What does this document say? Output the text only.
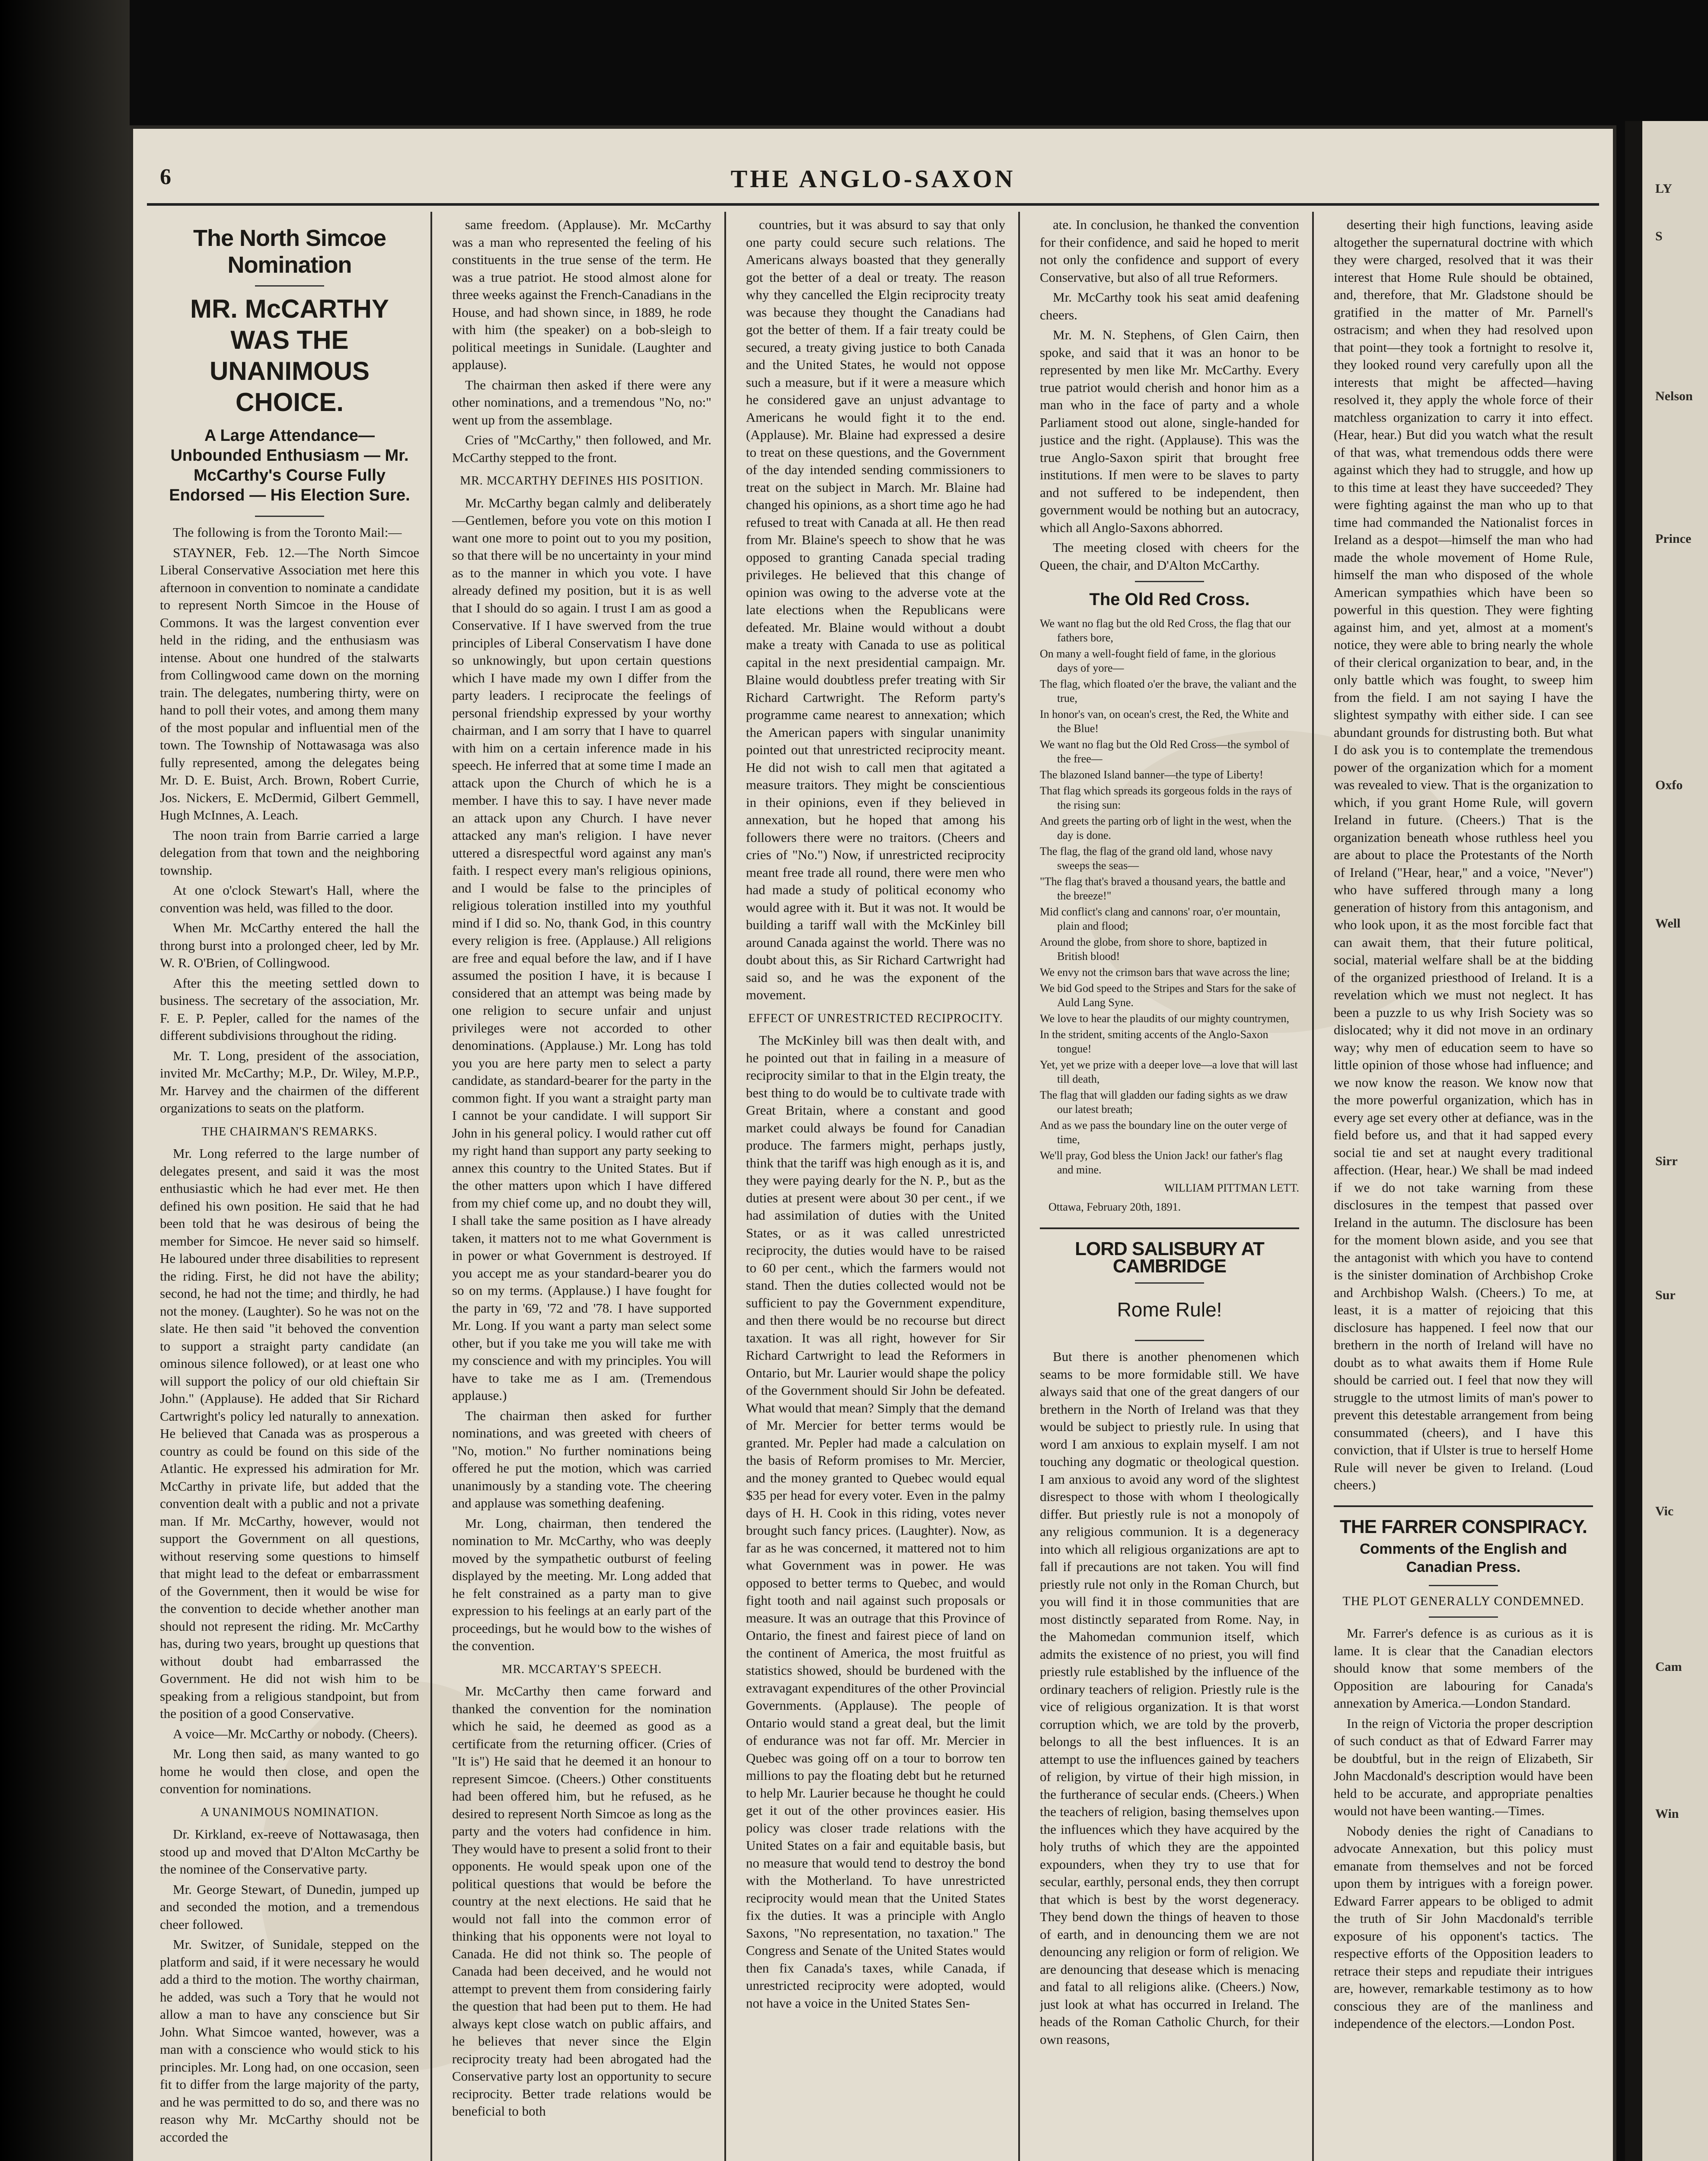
LY
S
Nelson
Prince
Oxfo
Well
Sirr
Sur
Vic
Cam
Win
6	THE ANGLO-SAXON
The North Simcoe Nomination
MR. McCARTHY WAS THE UNANIMOUS CHOICE.
A Large Attendance—Unbounded Enthusiasm — Mr. McCarthy's Course Fully Endorsed — His Election Sure.

The following is from the Toronto Mail:—

STAYNER, Feb. 12.—The North Simcoe Liberal Conservative Association met here this afternoon in convention to nominate a candidate to represent North Simcoe in the House of Commons. It was the largest convention ever held in the riding, and the enthusiasm was intense. About one hundred of the stalwarts from Collingwood came down on the morning train. The delegates, numbering thirty, were on hand to poll their votes, and among them many of the most popular and influential men of the town. The Township of Nottawasaga was also fully represented, among the delegates being Mr. D. E. Buist, Arch. Brown, Robert Currie, Jos. Nickers, E. McDermid, Gilbert Gemmell, Hugh McInnes, A. Leach.

The noon train from Barrie carried a large delegation from that town and the neighboring township.

At one o'clock Stewart's Hall, where the convention was held, was filled to the door.

When Mr. McCarthy entered the hall the throng burst into a prolonged cheer, led by Mr. W. R. O'Brien, of Collingwood.

After this the meeting settled down to business. The secretary of the association, Mr. F. E. P. Pepler, called for the names of the different subdivisions throughout the riding.

Mr. T. Long, president of the association, invited Mr. McCarthy; M.P., Dr. Wiley, M.P.P., Mr. Harvey and the chairmen of the different organizations to seats on the platform.

THE CHAIRMAN'S REMARKS.

Mr. Long referred to the large number of delegates present, and said it was the most enthusiastic which he had ever met. He then defined his own position. He said that he had been told that he was desirous of being the member for Simcoe. He never said so himself. He laboured under three disabilities to represent the riding. First, he did not have the ability; second, he had not the time; and thirdly, he had not the money. (Laughter). So he was not on the slate. He then said "it behoved the convention to support a straight party candidate (an ominous silence followed), or at least one who will support the policy of our old chieftain Sir John." (Applause). He added that Sir Richard Cartwright's policy led naturally to annexation. He believed that Canada was as prosperous a country as could be found on this side of the Atlantic. He expressed his admiration for Mr. McCarthy in private life, but added that the convention dealt with a public and not a private man. If Mr. McCarthy, however, would not support the Government on all questions, without reserving some questions to himself that might lead to the defeat or embarrassment of the Government, then it would be wise for the convention to decide whether another man should not represent the riding. Mr. McCarthy has, during two years, brought up questions that without doubt had embarrassed the Government. He did not wish him to be speaking from a religious standpoint, but from the position of a good Conservative.

A voice—Mr. McCarthy or nobody. (Cheers).

Mr. Long then said, as many wanted to go home he would then close, and open the convention for nominations.

A UNANIMOUS NOMINATION.

Dr. Kirkland, ex-reeve of Nottawasaga, then stood up and moved that D'Alton McCarthy be the nominee of the Conservative party.

Mr. George Stewart, of Dunedin, jumped up and seconded the motion, and a tremendous cheer followed.

Mr. Switzer, of Sunidale, stepped on the platform and said, if it were necessary he would add a third to the motion. The worthy chairman, he added, was such a Tory that he would not allow a man to have any conscience but Sir John. What Simcoe wanted, however, was a man with a conscience who would stick to his principles. Mr. Long had, on one occasion, seen fit to differ from the large majority of the party, and he was permitted to do so, and there was no reason why Mr. McCarthy should not be accorded the

same freedom. (Applause). Mr. McCarthy was a man who represented the feeling of his constituents in the true sense of the term. He was a true patriot. He stood almost alone for three weeks against the French-Canadians in the House, and had shown since, in 1889, he rode with him (the speaker) on a bob-sleigh to political meetings in Sunidale. (Laughter and applause).

The chairman then asked if there were any other nominations, and a tremendous "No, no:" went up from the assemblage.

Cries of "McCarthy," then followed, and Mr. McCarthy stepped to the front.

MR. MCCARTHY DEFINES HIS POSITION.

Mr. McCarthy began calmly and deliberately—Gentlemen, before you vote on this motion I want one more to point out to you my position, so that there will be no uncertainty in your mind as to the manner in which you vote. I have already defined my position, but it is as well that I should do so again. I trust I am as good a Conservative. If I have swerved from the true principles of Liberal Conservatism I have done so unknowingly, but upon certain questions which I have made my own I differ from the party leaders. I reciprocate the feelings of personal friendship expressed by your worthy chairman, and I am sorry that I have to quarrel with him on a certain inference made in his speech. He inferred that at some time I made an attack upon the Church of which he is a member. I have this to say. I have never made an attack upon any Church. I have never attacked any man's religion. I have never uttered a disrespectful word against any man's faith. I respect every man's religious opinions, and I would be false to the principles of religious toleration instilled into my youthful mind if I did so. No, thank God, in this country every religion is free. (Applause.) All religions are free and equal before the law, and if I have assumed the position I have, it is because I considered that an attempt was being made by one religion to secure unfair and unjust privileges were not accorded to other denominations. (Applause.) Mr. Long has told you you are here party men to select a party candidate, as standard-bearer for the party in the common fight. If you want a straight party man I cannot be your candidate. I will support Sir John in his general policy. I would rather cut off my right hand than support any party seeking to annex this country to the United States. But if the other matters upon which I have differed from my chief come up, and no doubt they will, I shall take the same position as I have already taken, it matters not to me what Government is in power or what Government is destroyed. If you accept me as your standard-bearer you do so on my terms. (Applause.) I have fought for the party in '69, '72 and '78. I have supported Mr. Long. If you want a party man select some other, but if you take me you will take me with my conscience and with my principles. You will have to take me as I am. (Tremendous applause.)

The chairman then asked for further nominations, and was greeted with cheers of "No, motion." No further nominations being offered he put the motion, which was carried unanimously by a standing vote. The cheering and applause was something deafening.

Mr. Long, chairman, then tendered the nomination to Mr. McCarthy, who was deeply moved by the sympathetic outburst of feeling displayed by the meeting. Mr. Long added that he felt constrained as a party man to give expression to his feelings at an early part of the proceedings, but he would bow to the wishes of the convention.

MR. MCCARTAY'S SPEECH.

Mr. McCarthy then came forward and thanked the convention for the nomination which he said, he deemed as good as a certificate from the returning officer. (Cries of "It is") He said that he deemed it an honour to represent Simcoe. (Cheers.) Other constituents had been offered him, but he refused, as he desired to represent North Simcoe as long as the party and the voters had confidence in him. They would have to present a solid front to their opponents. He would speak upon one of the political questions that would be before the country at the next elections. He said that he would not fall into the common error of thinking that his opponents were not loyal to Canada. He did not think so. The people of Canada had been deceived, and he would not attempt to prevent them from considering fairly the question that had been put to them. He had always kept close watch on public affairs, and he believes that never since the Elgin reciprocity treaty had been abrogated had the Conservative party lost an opportunity to secure reciprocity. Better trade relations would be beneficial to both

countries, but it was absurd to say that only one party could secure such relations. The Americans always boasted that they generally got the better of a deal or treaty. The reason why they cancelled the Elgin reciprocity treaty was because they thought the Canadians had got the better of them. If a fair treaty could be secured, a treaty giving justice to both Canada and the United States, he would not oppose such a measure, but if it were a measure which he considered gave an unjust advantage to Americans he would fight it to the end. (Applause). Mr. Blaine had expressed a desire to treat on these questions, and the Government of the day intended sending commissioners to treat on the subject in March. Mr. Blaine had changed his opinions, as a short time ago he had refused to treat with Canada at all. He then read from Mr. Blaine's speech to show that he was opposed to granting Canada special trading privileges. He believed that this change of opinion was owing to the adverse vote at the late elections when the Republicans were defeated. Mr. Blaine would without a doubt make a treaty with Canada to use as political capital in the next presidential campaign. Mr. Blaine would doubtless prefer treating with Sir Richard Cartwright. The Reform party's programme came nearest to annexation; which the American papers with singular unanimity pointed out that unrestricted reciprocity meant. He did not wish to call men that agitated a measure traitors. They might be conscientious in their opinions, even if they believed in annexation, but he hoped that among his followers there were no traitors. (Cheers and cries of "No.") Now, if unrestricted reciprocity meant free trade all round, there were men who had made a study of political economy who would agree with it. But it was not. It would be building a tariff wall with the McKinley bill around Canada against the world. There was no doubt about this, as Sir Richard Cartwright had said so, and he was the exponent of the movement.

EFFECT OF UNRESTRICTED RECIPROCITY.

The McKinley bill was then dealt with, and he pointed out that in failing in a measure of reciprocity similar to that in the Elgin treaty, the best thing to do would be to cultivate trade with Great Britain, where a constant and good market could always be found for Canadian produce. The farmers might, perhaps justly, think that the tariff was high enough as it is, and they were paying dearly for the N. P., but as the duties at present were about 30 per cent., if we had assimilation of duties with the United States, or as it was called unrestricted reciprocity, the duties would have to be raised to 60 per cent., which the farmers would not stand. Then the duties collected would not be sufficient to pay the Government expenditure, and then there would be no recourse but direct taxation. It was all right, however for Sir Richard Cartwright to lead the Reformers in Ontario, but Mr. Laurier would shape the policy of the Government should Sir John be defeated. What would that mean? Simply that the demand of Mr. Mercier for better terms would be granted. Mr. Pepler had made a calculation on the basis of Reform promises to Mr. Mercier, and the money granted to Quebec would equal $35 per head for every voter. Even in the palmy days of H. H. Cook in this riding, votes never brought such fancy prices. (Laughter). Now, as far as he was concerned, it mattered not to him what Government was in power. He was opposed to better terms to Quebec, and would fight tooth and nail against such proposals or measure. It was an outrage that this Province of Ontario, the finest and fairest piece of land on the continent of America, the most fruitful as statistics showed, should be burdened with the extravagant expenditures of the other Provincial Governments. (Applause). The people of Ontario would stand a great deal, but the limit of endurance was not far off. Mr. Mercier in Quebec was going off on a tour to borrow ten millions to pay the floating debt but he returned to help Mr. Laurier because he thought he could get it out of the other provinces easier. His policy was closer trade relations with the United States on a fair and equitable basis, but no measure that would tend to destroy the bond with the Motherland. To have unrestricted reciprocity would mean that the United States fix the duties. It was a principle with Anglo Saxons, "No representation, no taxation." The Congress and Senate of the United States would then fix Canada's taxes, while Canada, if unrestricted reciprocity were adopted, would not have a voice in the United States Sen-

ate. In conclusion, he thanked the convention for their confidence, and said he hoped to merit not only the confidence and support of every Conservative, but also of all true Reformers.

Mr. McCarthy took his seat amid deafening cheers.

Mr. M. N. Stephens, of Glen Cairn, then spoke, and said that it was an honor to be represented by men like Mr. McCarthy. Every true patriot would cherish and honor him as a man who in the face of party and a whole Parliament stood out alone, single-handed for justice and the right. (Applause). This was the true Anglo-Saxon spirit that brought free institutions. If men were to be slaves to party and not suffered to be independent, then government would be nothing but an autocracy, which all Anglo-Saxons abhorred.

The meeting closed with cheers for the Queen, the chair, and D'Alton McCarthy.

The Old Red Cross.
We want no flag but the old Red Cross, the flag that our fathers bore,
On many a well-fought field of fame, in the glorious days of yore—
The flag, which floated o'er the brave, the valiant and the true,
In honor's van, on ocean's crest, the Red, the White and the Blue!
We want no flag but the Old Red Cross—the symbol of the free—
The blazoned Island banner—the type of Liberty!
That flag which spreads its gorgeous folds in the rays of the rising sun:
And greets the parting orb of light in the west, when the day is done.
The flag, the flag of the grand old land, whose navy sweeps the seas—
"The flag that's braved a thousand years, the battle and the breeze!"
Mid conflict's clang and cannons' roar, o'er mountain, plain and flood;
Around the globe, from shore to shore, baptized in British blood!
We envy not the crimson bars that wave across the line;
We bid God speed to the Stripes and Stars for the sake of Auld Lang Syne.
We love to hear the plaudits of our mighty countrymen,
In the strident, smiting accents of the Anglo-Saxon tongue!
Yet, yet we prize with a deeper love—a love that will last till death,
The flag that will gladden our fading sights as we draw our latest breath;
And as we pass the boundary line on the outer verge of time,
We'll pray, God bless the Union Jack! our father's flag and mine.
WILLIAM PITTMAN LETT.
Ottawa, February 20th, 1891.
LORD SALISBURY AT CAMBRIDGE
Rome Rule!

But there is another phenomenen which seams to be more formidable still. We have always said that one of the great dangers of our brethern in the North of Ireland was that they would be subject to priestly rule. In using that word I am anxious to explain myself. I am not touching any dogmatic or theological question. I am anxious to avoid any word of the slightest disrespect to those with whom I theologically differ. But priestly rule is not a monopoly of any religious communion. It is a degeneracy into which all religious organizations are apt to fall if precautions are not taken. You will find priestly rule not only in the Roman Church, but you will find it in those communities that are most distinctly separated from Rome. Nay, in the Mahomedan communion itself, which admits the existence of no priest, you will find priestly rule established by the influence of the ordinary teachers of religion. Priestly rule is the vice of religious organization. It is that worst corruption which, we are told by the proverb, belongs to all the best influences. It is an attempt to use the influences gained by teachers of religion, by virtue of their high mission, in the furtherance of secular ends. (Cheers.) When the teachers of religion, basing themselves upon the influences which they have acquired by the holy truths of which they are the appointed expounders, when they try to use that for secular, earthly, personal ends, they then corrupt that which is best by the worst degeneracy. They bend down the things of heaven to those of earth, and in denouncing them we are not denouncing any religion or form of religion. We are denouncing that desease which is menacing and fatal to all religions alike. (Cheers.) Now, just look at what has occurred in Ireland. The heads of the Roman Catholic Church, for their own reasons,

deserting their high functions, leaving aside altogether the supernatural doctrine with which they were charged, resolved that it was their interest that Home Rule should be obtained, and, therefore, that Mr. Gladstone should be gratified in the matter of Mr. Parnell's ostracism; and when they had resolved upon that point—they took a fortnight to resolve it, they looked round very carefully upon all the interests that might be affected—having resolved it, they apply the whole force of their matchless organization to carry it into effect. (Hear, hear.) But did you watch what the result of that was, what tremendous odds there were against which they had to struggle, and how up to this time at least they have succeeded? They were fighting against the man who up to that time had commanded the Nationalist forces in Ireland as a despot—himself the man who had made the whole movement of Home Rule, himself the man who disposed of the whole American sympathies which have been so powerful in this question. They were fighting against him, and yet, almost at a moment's notice, they were able to bring nearly the whole of their clerical organization to bear, and, in the only battle which was fought, to sweep him from the field. I am not saying I have the slightest sympathy with either side. I can see abundant grounds for distrusting both. But what I do ask you is to contemplate the tremendous power of the organization which for a moment was revealed to view. That is the organization to which, if you grant Home Rule, will govern Ireland in future. (Cheers.) That is the organization beneath whose ruthless heel you are about to place the Protestants of the North of Ireland ("Hear, hear," and a voice, "Never") who have suffered through many a long generation of history from this antagonism, and who look upon, it as the most forcible fact that can await them, that their future political, social, material welfare shall be at the bidding of the organized priesthood of Ireland. It is a revelation which we must not neglect. It has been a puzzle to us why Irish Society was so dislocated; why it did not move in an ordinary way; why men of education seem to have so little opinion of those whose had influence; and we now know the reason. We know now that the more powerful organization, which has in every age set every other at defiance, was in the field before us, and that it had sapped every social tie and set at naught every traditional affection. (Hear, hear.) We shall be mad indeed if we do not take warning from these disclosures in the tempest that passed over Ireland in the autumn. The disclosure has been for the moment blown aside, and you see that the antagonist with which you have to contend is the sinister domination of Archbishop Croke and Archbishop Walsh. (Cheers.) To me, at least, it is a matter of rejoicing that this disclosure has happened. I feel now that our brethern in the north of Ireland will have no doubt as to what awaits them if Home Rule should be carried out. I feel that now they will struggle to the utmost limits of man's power to prevent this detestable arrangement from being consummated (cheers), and I have this conviction, that if Ulster is true to herself Home Rule will never be given to Ireland. (Loud cheers.)

THE FARRER CONSPIRACY.
Comments of the English and Canadian Press.
THE PLOT GENERALLY CONDEMNED.

Mr. Farrer's defence is as curious as it is lame. It is clear that the Canadian electors should know that some members of the Opposition are labouring for Canada's annexation by America.—London Standard.

In the reign of Victoria the proper description of such conduct as that of Edward Farrer may be doubtful, but in the reign of Elizabeth, Sir John Macdonald's description would have been held to be accurate, and appropriate penalties would not have been wanting.—Times.

Nobody denies the right of Canadians to advocate Annexation, but this policy must emanate from themselves and not be forced upon them by intrigues with a foreign power. Edward Farrer appears to be obliged to admit the truth of Sir John Macdonald's terrible exposure of his opponent's tactics. The respective efforts of the Opposition leaders to retrace their steps and repudiate their intrigues are, however, remarkable testimony as to how conscious they are of the manliness and independence of the electors.—London Post.
